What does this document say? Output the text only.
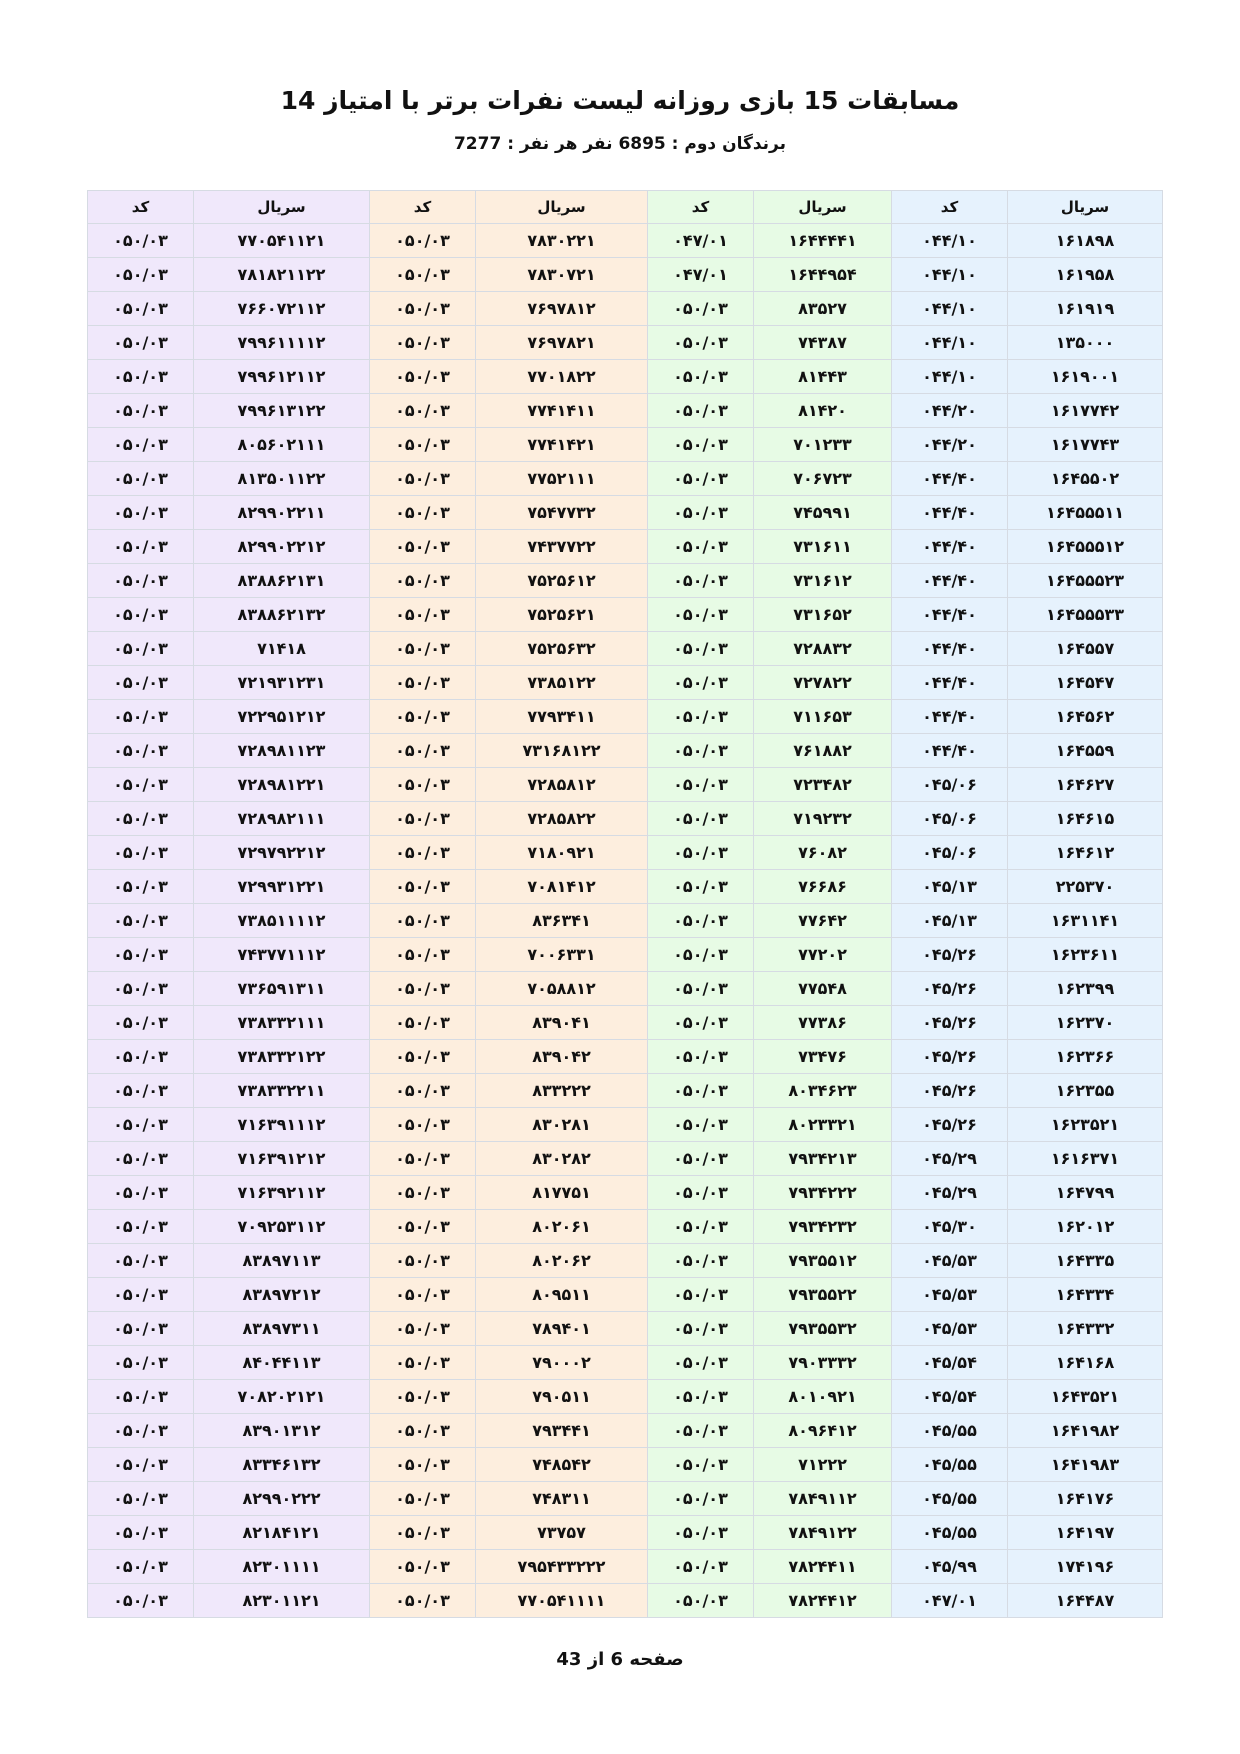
مسابقات 15 بازی روزانه لیست نفرات برتر با امتیاز 14
برندگان دوم : 6895 نفر هر نفر : 7277
سریال	کد	سریال	کد	سریال	کد	سریال	کد
۱۶۱۸۹۸	۰۴۴/۱۰	۱۶۴۴۴۴۱	۰۴۷/۰۱	۷۸۳۰۲۲۱	۰۵۰/۰۳	۷۷۰۵۴۱۱۲۱	۰۵۰/۰۳
۱۶۱۹۵۸	۰۴۴/۱۰	۱۶۴۴۹۵۴	۰۴۷/۰۱	۷۸۳۰۷۲۱	۰۵۰/۰۳	۷۸۱۸۲۱۱۲۲	۰۵۰/۰۳
۱۶۱۹۱۹	۰۴۴/۱۰	۸۳۵۲۷	۰۵۰/۰۳	۷۶۹۷۸۱۲	۰۵۰/۰۳	۷۶۶۰۷۲۱۱۲	۰۵۰/۰۳
۱۳۵۰۰۰	۰۴۴/۱۰	۷۴۳۸۷	۰۵۰/۰۳	۷۶۹۷۸۲۱	۰۵۰/۰۳	۷۹۹۶۱۱۱۱۲	۰۵۰/۰۳
۱۶۱۹۰۰۱	۰۴۴/۱۰	۸۱۴۴۳	۰۵۰/۰۳	۷۷۰۱۸۲۲	۰۵۰/۰۳	۷۹۹۶۱۲۱۱۲	۰۵۰/۰۳
۱۶۱۷۷۴۲	۰۴۴/۲۰	۸۱۴۲۰	۰۵۰/۰۳	۷۷۴۱۴۱۱	۰۵۰/۰۳	۷۹۹۶۱۳۱۲۲	۰۵۰/۰۳
۱۶۱۷۷۴۳	۰۴۴/۲۰	۷۰۱۲۳۳	۰۵۰/۰۳	۷۷۴۱۴۲۱	۰۵۰/۰۳	۸۰۵۶۰۲۱۱۱	۰۵۰/۰۳
۱۶۴۵۵۰۲	۰۴۴/۴۰	۷۰۶۷۲۳	۰۵۰/۰۳	۷۷۵۲۱۱۱	۰۵۰/۰۳	۸۱۳۵۰۱۱۲۲	۰۵۰/۰۳
۱۶۴۵۵۵۱۱	۰۴۴/۴۰	۷۴۵۹۹۱	۰۵۰/۰۳	۷۵۴۷۷۳۲	۰۵۰/۰۳	۸۲۹۹۰۲۲۱۱	۰۵۰/۰۳
۱۶۴۵۵۵۱۲	۰۴۴/۴۰	۷۳۱۶۱۱	۰۵۰/۰۳	۷۴۳۷۷۲۲	۰۵۰/۰۳	۸۲۹۹۰۲۲۱۲	۰۵۰/۰۳
۱۶۴۵۵۵۲۳	۰۴۴/۴۰	۷۳۱۶۱۲	۰۵۰/۰۳	۷۵۲۵۶۱۲	۰۵۰/۰۳	۸۳۸۸۶۲۱۳۱	۰۵۰/۰۳
۱۶۴۵۵۵۳۳	۰۴۴/۴۰	۷۳۱۶۵۲	۰۵۰/۰۳	۷۵۲۵۶۲۱	۰۵۰/۰۳	۸۳۸۸۶۲۱۳۲	۰۵۰/۰۳
۱۶۴۵۵۷	۰۴۴/۴۰	۷۲۸۸۳۲	۰۵۰/۰۳	۷۵۲۵۶۳۲	۰۵۰/۰۳	۷۱۴۱۸	۰۵۰/۰۳
۱۶۴۵۴۷	۰۴۴/۴۰	۷۲۷۸۲۲	۰۵۰/۰۳	۷۳۸۵۱۲۲	۰۵۰/۰۳	۷۲۱۹۳۱۲۳۱	۰۵۰/۰۳
۱۶۴۵۶۲	۰۴۴/۴۰	۷۱۱۶۵۳	۰۵۰/۰۳	۷۷۹۳۴۱۱	۰۵۰/۰۳	۷۲۲۹۵۱۲۱۲	۰۵۰/۰۳
۱۶۴۵۵۹	۰۴۴/۴۰	۷۶۱۸۸۲	۰۵۰/۰۳	۷۳۱۶۸۱۲۲	۰۵۰/۰۳	۷۲۸۹۸۱۱۲۳	۰۵۰/۰۳
۱۶۴۶۲۷	۰۴۵/۰۶	۷۲۳۴۸۲	۰۵۰/۰۳	۷۲۸۵۸۱۲	۰۵۰/۰۳	۷۲۸۹۸۱۲۲۱	۰۵۰/۰۳
۱۶۴۶۱۵	۰۴۵/۰۶	۷۱۹۲۳۲	۰۵۰/۰۳	۷۲۸۵۸۲۲	۰۵۰/۰۳	۷۲۸۹۸۲۱۱۱	۰۵۰/۰۳
۱۶۴۶۱۲	۰۴۵/۰۶	۷۶۰۸۲	۰۵۰/۰۳	۷۱۸۰۹۲۱	۰۵۰/۰۳	۷۲۹۷۹۲۲۱۲	۰۵۰/۰۳
۲۲۵۳۷۰	۰۴۵/۱۳	۷۶۶۸۶	۰۵۰/۰۳	۷۰۸۱۴۱۲	۰۵۰/۰۳	۷۲۹۹۳۱۲۲۱	۰۵۰/۰۳
۱۶۳۱۱۴۱	۰۴۵/۱۳	۷۷۶۴۲	۰۵۰/۰۳	۸۳۶۳۴۱	۰۵۰/۰۳	۷۳۸۵۱۱۱۱۲	۰۵۰/۰۳
۱۶۲۳۶۱۱	۰۴۵/۲۶	۷۷۲۰۲	۰۵۰/۰۳	۷۰۰۶۳۳۱	۰۵۰/۰۳	۷۴۳۷۷۱۱۱۲	۰۵۰/۰۳
۱۶۲۳۹۹	۰۴۵/۲۶	۷۷۵۴۸	۰۵۰/۰۳	۷۰۵۸۸۱۲	۰۵۰/۰۳	۷۳۶۵۹۱۳۱۱	۰۵۰/۰۳
۱۶۲۳۷۰	۰۴۵/۲۶	۷۷۳۸۶	۰۵۰/۰۳	۸۳۹۰۴۱	۰۵۰/۰۳	۷۳۸۳۳۲۱۱۱	۰۵۰/۰۳
۱۶۲۳۶۶	۰۴۵/۲۶	۷۳۴۷۶	۰۵۰/۰۳	۸۳۹۰۴۲	۰۵۰/۰۳	۷۳۸۳۳۲۱۲۲	۰۵۰/۰۳
۱۶۲۳۵۵	۰۴۵/۲۶	۸۰۳۴۶۲۳	۰۵۰/۰۳	۸۳۳۲۲۲	۰۵۰/۰۳	۷۳۸۳۳۲۲۱۱	۰۵۰/۰۳
۱۶۲۳۵۲۱	۰۴۵/۲۶	۸۰۲۳۳۲۱	۰۵۰/۰۳	۸۳۰۲۸۱	۰۵۰/۰۳	۷۱۶۳۹۱۱۱۲	۰۵۰/۰۳
۱۶۱۶۳۷۱	۰۴۵/۲۹	۷۹۳۴۲۱۳	۰۵۰/۰۳	۸۳۰۲۸۲	۰۵۰/۰۳	۷۱۶۳۹۱۲۱۲	۰۵۰/۰۳
۱۶۴۷۹۹	۰۴۵/۲۹	۷۹۳۴۲۲۲	۰۵۰/۰۳	۸۱۷۷۵۱	۰۵۰/۰۳	۷۱۶۳۹۲۱۱۲	۰۵۰/۰۳
۱۶۲۰۱۲	۰۴۵/۳۰	۷۹۳۴۲۳۲	۰۵۰/۰۳	۸۰۲۰۶۱	۰۵۰/۰۳	۷۰۹۲۵۳۱۱۲	۰۵۰/۰۳
۱۶۴۳۳۵	۰۴۵/۵۳	۷۹۳۵۵۱۲	۰۵۰/۰۳	۸۰۲۰۶۲	۰۵۰/۰۳	۸۳۸۹۷۱۱۳	۰۵۰/۰۳
۱۶۴۳۳۴	۰۴۵/۵۳	۷۹۳۵۵۲۲	۰۵۰/۰۳	۸۰۹۵۱۱	۰۵۰/۰۳	۸۳۸۹۷۲۱۲	۰۵۰/۰۳
۱۶۴۳۳۲	۰۴۵/۵۳	۷۹۳۵۵۳۲	۰۵۰/۰۳	۷۸۹۴۰۱	۰۵۰/۰۳	۸۳۸۹۷۳۱۱	۰۵۰/۰۳
۱۶۴۱۶۸	۰۴۵/۵۴	۷۹۰۳۳۳۲	۰۵۰/۰۳	۷۹۰۰۰۲	۰۵۰/۰۳	۸۴۰۴۴۱۱۳	۰۵۰/۰۳
۱۶۴۳۵۲۱	۰۴۵/۵۴	۸۰۱۰۹۲۱	۰۵۰/۰۳	۷۹۰۵۱۱	۰۵۰/۰۳	۷۰۸۲۰۲۱۲۱	۰۵۰/۰۳
۱۶۴۱۹۸۲	۰۴۵/۵۵	۸۰۹۶۴۱۲	۰۵۰/۰۳	۷۹۳۴۴۱	۰۵۰/۰۳	۸۳۹۰۱۳۱۲	۰۵۰/۰۳
۱۶۴۱۹۸۳	۰۴۵/۵۵	۷۱۲۲۲	۰۵۰/۰۳	۷۴۸۵۴۲	۰۵۰/۰۳	۸۳۳۴۶۱۳۲	۰۵۰/۰۳
۱۶۴۱۷۶	۰۴۵/۵۵	۷۸۴۹۱۱۲	۰۵۰/۰۳	۷۴۸۳۱۱	۰۵۰/۰۳	۸۲۹۹۰۲۲۲	۰۵۰/۰۳
۱۶۴۱۹۷	۰۴۵/۵۵	۷۸۴۹۱۲۲	۰۵۰/۰۳	۷۳۷۵۷	۰۵۰/۰۳	۸۲۱۸۴۱۲۱	۰۵۰/۰۳
۱۷۴۱۹۶	۰۴۵/۹۹	۷۸۲۴۴۱۱	۰۵۰/۰۳	۷۹۵۴۳۳۲۲۲	۰۵۰/۰۳	۸۲۳۰۱۱۱۱	۰۵۰/۰۳
۱۶۴۴۸۷	۰۴۷/۰۱	۷۸۲۴۴۱۲	۰۵۰/۰۳	۷۷۰۵۴۱۱۱۱	۰۵۰/۰۳	۸۲۳۰۱۱۲۱	۰۵۰/۰۳
صفحه 6 از 43
